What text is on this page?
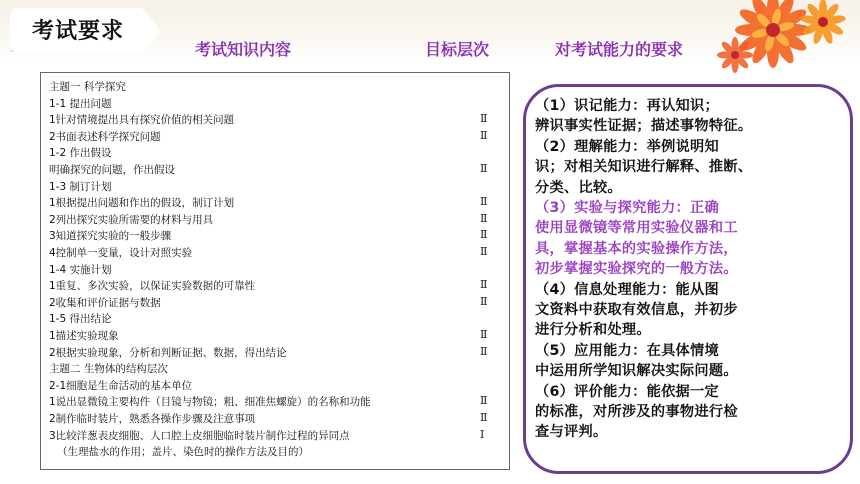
考试要求
考试知识内容	目标层次	对考试能力的要求
主题一 科学探究
1-1 提出问题
1针对情境提出具有探究价值的相关问题	Ⅱ
2书面表述科学探究问题	Ⅱ
1-2 作出假设
明确探究的问题，作出假设	Ⅱ
1-3 制订计划
1根据提出问题和作出的假设，制订计划	Ⅱ
2列出探究实验所需要的材料与用具	Ⅱ
3知道探究实验的一般步骤	Ⅱ
4控制单一变量，设计对照实验	Ⅱ
1-4 实施计划
1重复、多次实验，以保证实验数据的可靠性	Ⅱ
2收集和评价证据与数据	Ⅱ
1-5 得出结论
1描述实验现象	Ⅱ
2根据实验现象，分析和判断证据、数据，得出结论	Ⅱ
主题二 生物体的结构层次
2-1细胞是生命活动的基本单位
1说出显微镜主要构件（目镜与物镜；粗、细准焦螺旋）的名称和功能	Ⅱ
2制作临时装片，熟悉各操作步骤及注意事项	Ⅱ
3比较洋葱表皮细胞、人口腔上皮细胞临时装片制作过程的异同点	Ⅰ
（生理盐水的作用；盖片、染色时的操作方法及目的）
（1）识记能力：再认知识；
辨识事实性证据；描述事物特征。
（2）理解能力：举例说明知
识；对相关知识进行解释、推断、
分类、比较。
（3）实验与探究能力：正确
使用显微镜等常用实验仪器和工
具，掌握基本的实验操作方法，
初步掌握实验探究的一般方法。
（4）信息处理能力：能从图
文资料中获取有效信息，并初步
进行分析和处理。
（5）应用能力：在具体情境
中运用所学知识解决实际问题。
（6）评价能力：能依据一定
的标准，对所涉及的事物进行检
查与评判。
